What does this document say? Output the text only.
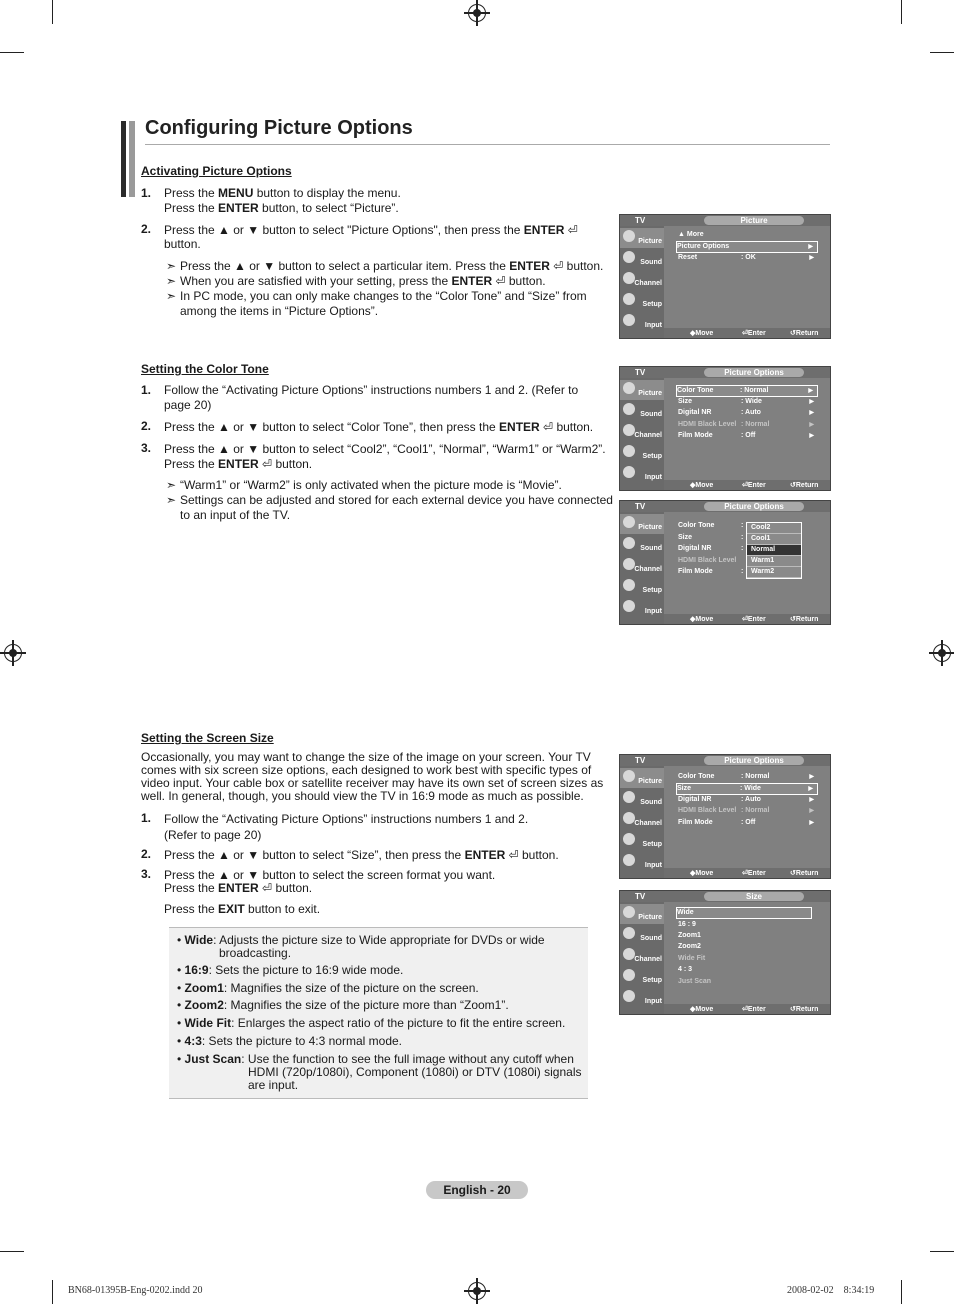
Configuring Picture Options
Activating Picture Options
1. Press the MENU button to display the menu.
Press the ENTER button, to select “Picture”.
2. Press the ▲ or ▼ button to select "Picture Options", then press the ENTER ⏎
button.
➣ Press the ▲ or ▼ button to select a particular item. Press the ENTER ⏎ button.
➣ When you are satisfied with your setting, press the ENTER ⏎ button.
➣ In PC mode, you can only make changes to the “Color Tone” and “Size” from
among the items in “Picture Options”.
Setting the Color Tone
1. Follow the “Activating Picture Options” instructions numbers 1 and 2. (Refer to
page 20)
2. Press the ▲ or ▼ button to select “Color Tone”, then press the ENTER ⏎ button.
3. Press the ▲ or ▼ button to select “Cool2”, “Cool1”, “Normal”, “Warm1” or “Warm2”.
Press the ENTER ⏎ button.
➣ “Warm1” or “Warm2” is only activated when the picture mode is “Movie”.
➣ Settings can be adjusted and stored for each external device you have connected
to an input of the TV.
Setting the Screen Size
Occasionally, you may want to change the size of the image on your screen. Your TV
comes with six screen size options, each designed to work best with specific types of
video input. Your cable box or satellite receiver may have its own set of screen sizes as
well. In general, though, you should view the TV in 16:9 mode as much as possible.
1. Follow the “Activating Picture Options” instructions numbers 1 and 2.
(Refer to page 20)
2. Press the ▲ or ▼ button to select “Size”, then press the ENTER ⏎ button.
3. Press the ▲ or ▼ button to select the screen format you want.
Press the ENTER ⏎ button.
Press the EXIT button to exit.
• Wide: Adjusts the picture size to Wide appropriate for DVDs or wide
broadcasting.
• 16:9: Sets the picture to 16:9 wide mode.
• Zoom1: Magnifies the size of the picture on the screen.
• Zoom2: Magnifies the size of the picture more than “Zoom1”.
• Wide Fit: Enlarges the aspect ratio of the picture to fit the entire screen.
• 4:3: Sets the picture to 4:3 normal mode.
• Just Scan: Use the function to see the full image without any cutoff when
HDMI (720p/1080i), Component (1080i) or DTV (1080i) signals
are input.
TV	Picture
Picture
Sound
Channel
Setup
Input
▲ More
Picture Options	▶
Reset	: OK	▶
◆ Move	⏎ Enter	↺ Return
TV	Picture Options
Picture
Sound
Channel
Setup
Input
Color Tone	: Normal	▶
Size	: Wide	▶
Digital NR	: Auto	▶
HDMI Black Level : Normal	▶
Film Mode	: Off	▶
◆ Move	⏎ Enter	↺ Return
TV	Picture Options
Picture
Sound
Channel
Setup
Input
Color Tone	:
Size	:
Digital NR	:
HDMI Black Level
Film Mode	:
Cool2
Cool1
Normal
Warm1
Warm2
◆ Move	⏎ Enter	↺ Return
TV	Picture Options
Picture
Sound
Channel
Setup
Input
Color Tone	: Normal	▶
Size	: Wide	▶
Digital NR	: Auto	▶
HDMI Black Level : Normal	▶
Film Mode	: Off	▶
◆ Move	⏎ Enter	↺ Return
TV	Size
Picture
Sound
Channel
Setup
Input
Wide
16 : 9
Zoom1
Zoom2
Wide Fit
4 : 3
Just Scan
◆ Move	⏎ Enter	↺ Return
English - 20
BN68-01395B-Eng-0202.indd 20	2008-02-02    8:34:19
